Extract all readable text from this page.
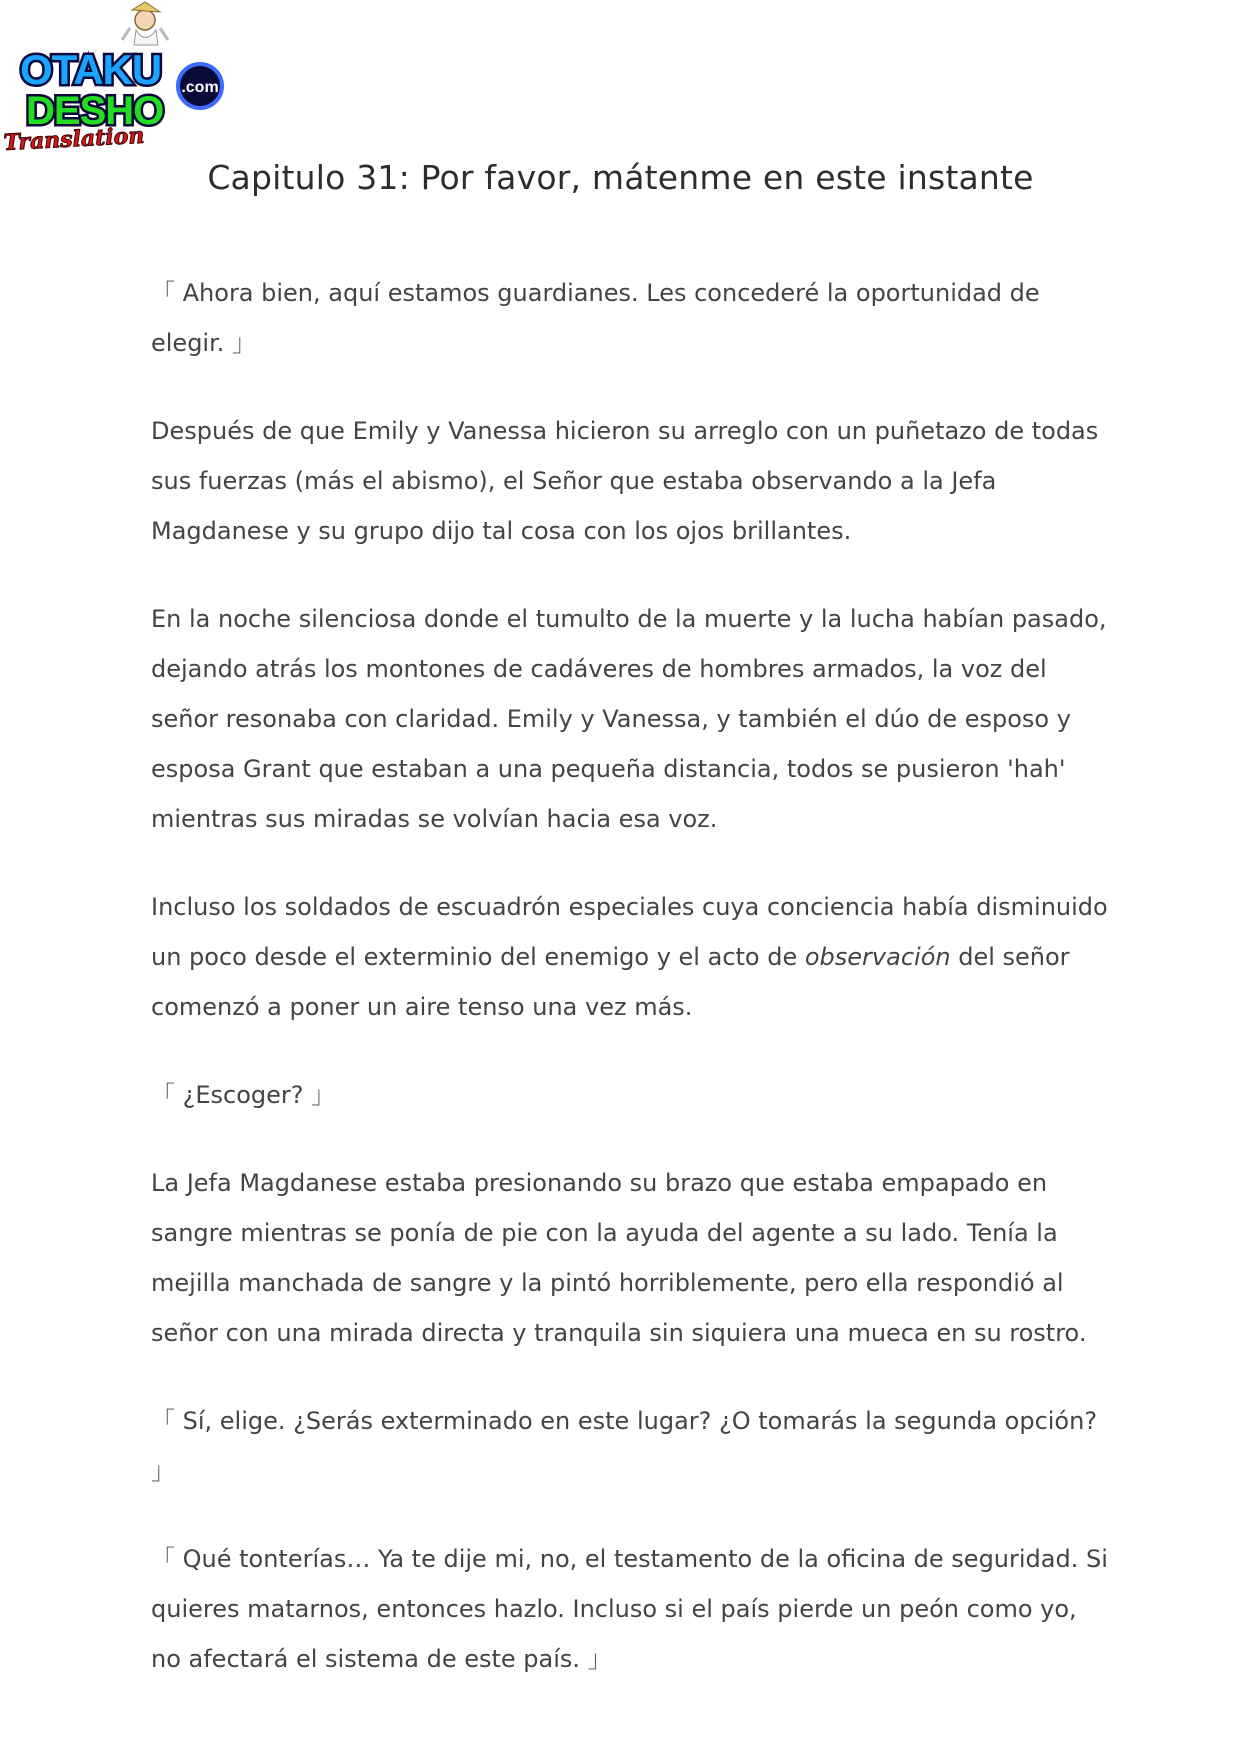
.com
OTAKU
DESHO
Translation
Capitulo 31: Por favor, mátenme en este instante

「 Ahora bien, aquí estamos guardianes. Les concederé la oportunidad de elegir. 」

Después de que Emily y Vanessa hicieron su arreglo con un puñetazo de todas sus fuerzas (más el abismo), el Señor que estaba observando a la Jefa Magdanese y su grupo dijo tal cosa con los ojos brillantes.

En la noche silenciosa donde el tumulto de la muerte y la lucha habían pasado, dejando atrás los montones de cadáveres de hombres armados, la voz del señor resonaba con claridad. Emily y Vanessa, y también el dúo de esposo y esposa Grant que estaban a una pequeña distancia, todos se pusieron 'hah' mientras sus miradas se volvían hacia esa voz.

Incluso los soldados de escuadrón especiales cuya conciencia había disminuido un poco desde el exterminio del enemigo y el acto de observación del señor comenzó a poner un aire tenso una vez más.

「 ¿Escoger? 」

La Jefa Magdanese estaba presionando su brazo que estaba empapado en sangre mientras se ponía de pie con la ayuda del agente a su lado. Tenía la mejilla manchada de sangre y la pintó horriblemente, pero ella respondió al señor con una mirada directa y tranquila sin siquiera una mueca en su rostro.

「 Sí, elige. ¿Serás exterminado en este lugar? ¿O tomarás la segunda opción? 」

「 Qué tonterías… Ya te dije mi, no, el testamento de la oficina de seguridad. Si quieres matarnos, entonces hazlo. Incluso si el país pierde un peón como yo, no afectará el sistema de este país. 」
